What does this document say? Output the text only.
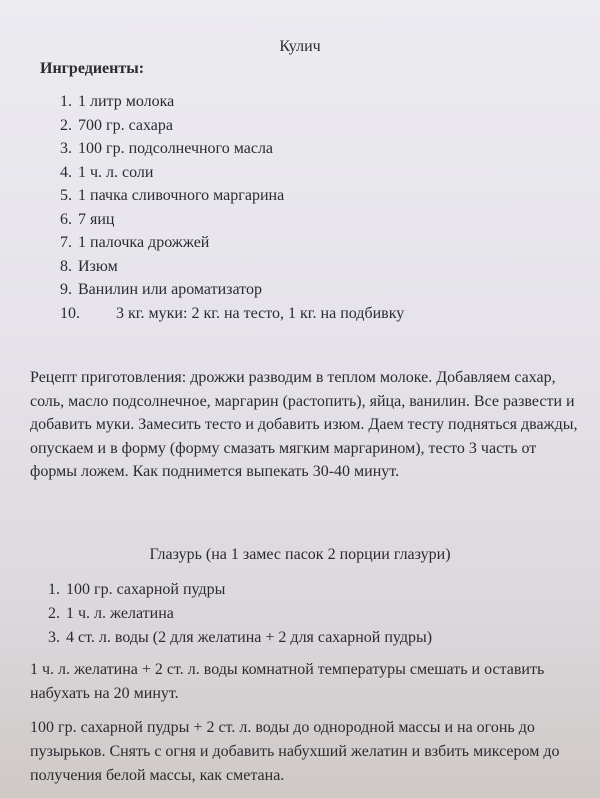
Кулич
Ингредиенты:
1. 1 литр молока
2. 700 гр. сахара
3. 100 гр. подсолнечного масла
4. 1 ч. л. соли
5. 1 пачка сливочного маргарина
6. 7 яиц
7. 1 палочка дрожжей
8. Изюм
9. Ванилин или ароматизатор
10. 3 кг. муки: 2 кг. на тесто, 1 кг. на подбивку

Рецепт приготовления: дрожжи разводим в теплом молоке. Добавляем сахар, соль, масло подсолнечное, маргарин (растопить), яйца, ванилин. Все развести и добавить муки. Замесить тесто и добавить изюм. Даем тесту подняться дважды, опускаем и в форму (форму смазать мягким маргарином), тесто 3 часть от формы ложем. Как поднимется выпекать 30-40 минут.

Глазурь (на 1 замес пасок 2 порции глазури)
1. 100 гр. сахарной пудры
2. 1 ч. л. желатина
3. 4 ст. л. воды (2 для желатина + 2 для сахарной пудры)

1 ч. л. желатина + 2 ст. л. воды комнатной температуры смешать и оставить набухать на 20 минут.

100 гр. сахарной пудры + 2 ст. л. воды до однородной массы и на огонь до пузырьков. Снять с огня и добавить набухший желатин и взбить миксером до получения белой массы, как сметана.
